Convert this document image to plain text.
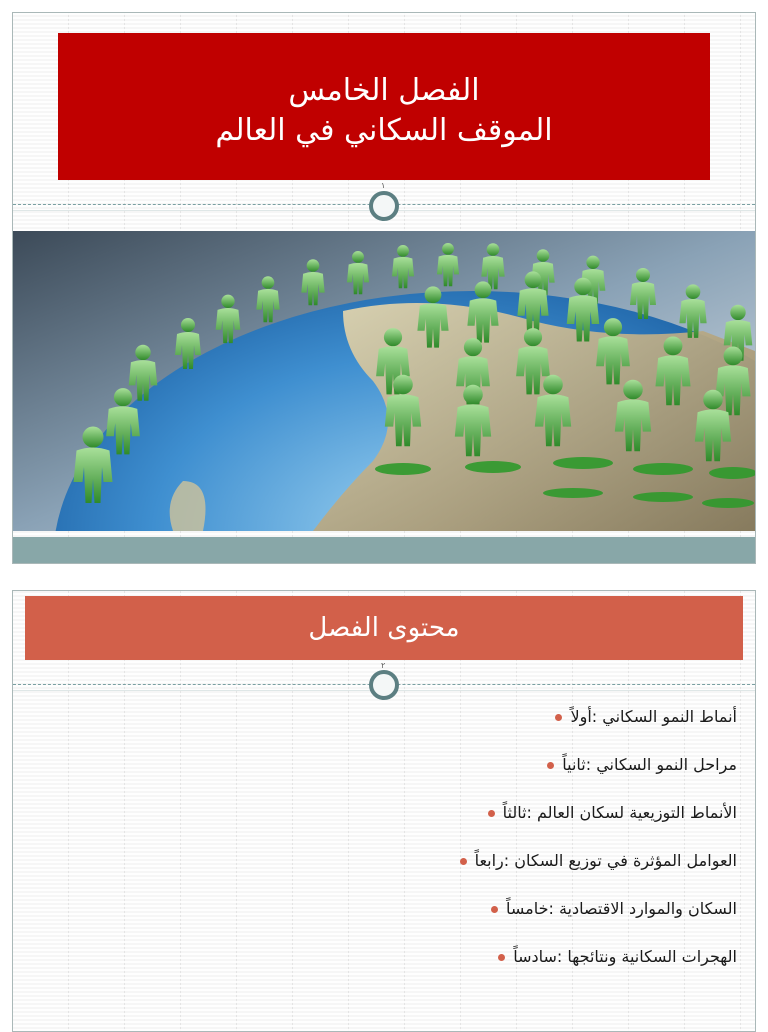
الفصل الخامس
الموقف السكاني في العالم
١
محتوى الفصل
٢
أنماط النمو السكاني :أولاً
مراحل النمو السكاني :ثانياً
الأنماط التوزيعية لسكان العالم :ثالثاً
العوامل المؤثرة في توزيع السكان :رابعاً
السكان والموارد الاقتصادية :خامساً
الهجرات السكانية ونتائجها :سادساً
